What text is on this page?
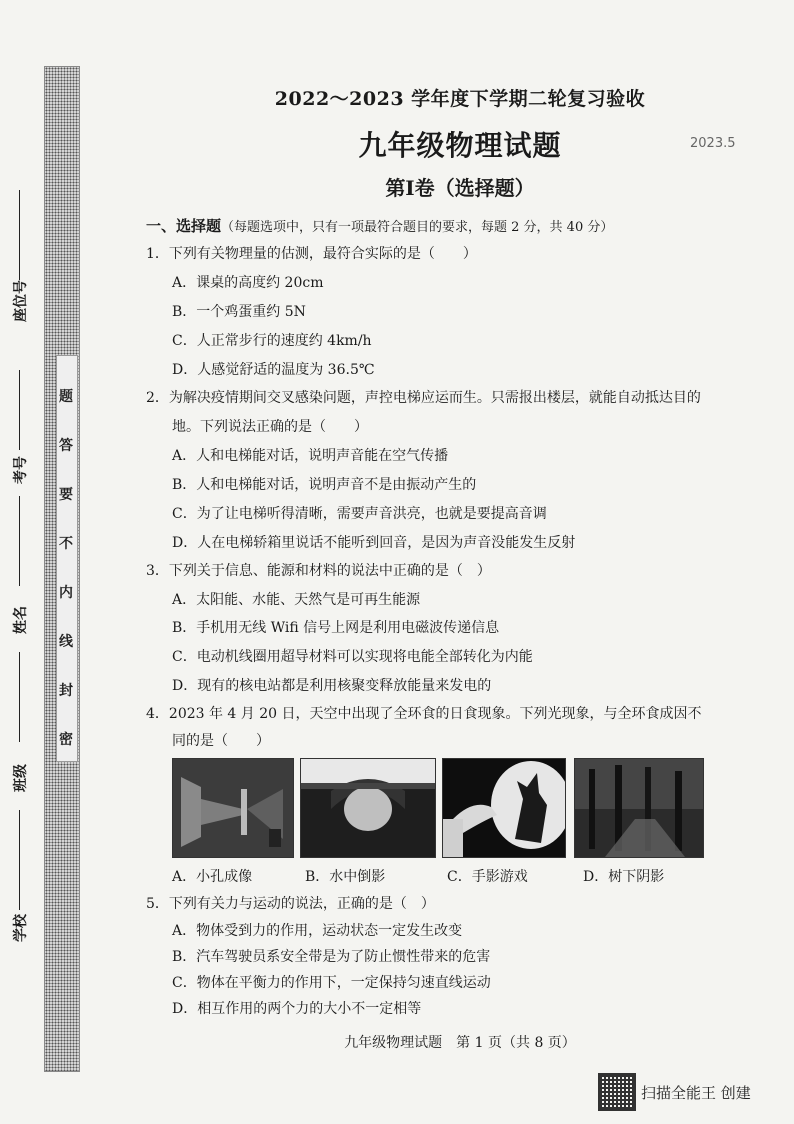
题
答
要
不
内
线
封
密
座位号
考号
姓名
班级
学校
2022～2023 学年度下学期二轮复习验收
九年级物理试题	2023.5
第Ⅰ卷（选择题）
一、选择题（每题选项中，只有一项最符合题目的要求，每题 2 分，共 40 分）
1．下列有关物理量的估测，最符合实际的是（　　）
A．课桌的高度约 20cm
B．一个鸡蛋重约 5N
C．人正常步行的速度约 4km/h
D．人感觉舒适的温度为 36.5℃
2．为解决疫情期间交叉感染问题，声控电梯应运而生。只需报出楼层，就能自动抵达目的
地。下列说法正确的是（　　）
A．人和电梯能对话，说明声音能在空气传播
B．人和电梯能对话，说明声音不是由振动产生的
C．为了让电梯听得清晰，需要声音洪亮，也就是要提高音调
D．人在电梯轿箱里说话不能听到回音，是因为声音没能发生反射
3．下列关于信息、能源和材料的说法中正确的是（　）
A．太阳能、水能、天然气是可再生能源
B．手机用无线 Wifi 信号上网是利用电磁波传递信息
C．电动机线圈用超导材料可以实现将电能全部转化为内能
D．现有的核电站都是利用核聚变释放能量来发电的
4．2023 年 4 月 20 日，天空中出现了全环食的日食现象。下列光现象，与全环食成因不
同的是（　　）
A．小孔成像	B．水中倒影	C．手影游戏	D．树下阴影
5．下列有关力与运动的说法，正确的是（　）
A．物体受到力的作用，运动状态一定发生改变
B．汽车驾驶员系安全带是为了防止惯性带来的危害
C．物体在平衡力的作用下，一定保持匀速直线运动
D．相互作用的两个力的大小不一定相等
九年级物理试题　第 1 页（共 8 页）
扫描全能王 创建
